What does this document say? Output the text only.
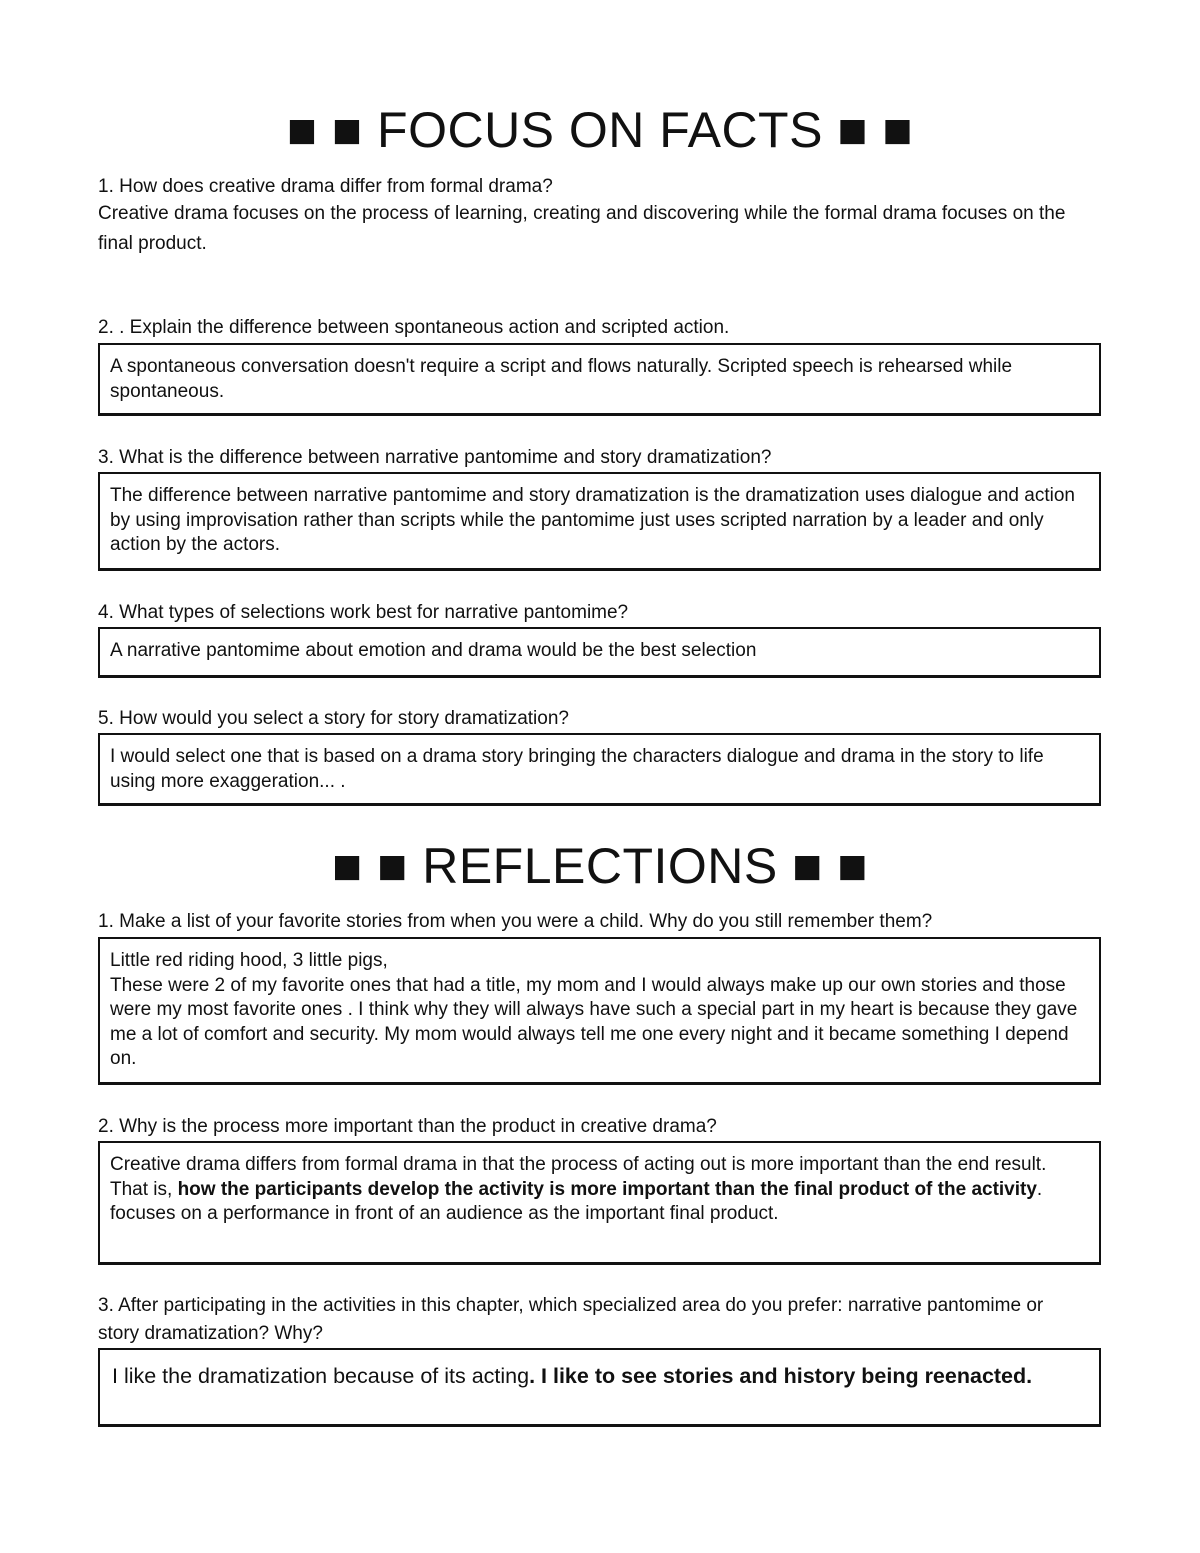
■ ■ FOCUS ON FACTS ■ ■
1. How does creative drama differ from formal drama?
Creative drama focuses on the process of learning, creating and discovering while the formal drama focuses on the final product.
2. . Explain the difference between spontaneous action and scripted action.
A spontaneous conversation doesn't require a script and flows naturally. Scripted speech is rehearsed while spontaneous.
3. What is the difference between narrative pantomime and story dramatization?
The difference between narrative pantomime and story dramatization is the dramatization uses dialogue and action by using improvisation rather than scripts while the pantomime just uses scripted narration by a leader and only action by the actors.
4. What types of selections work best for narrative pantomime?
A narrative pantomime about emotion and drama would be the best selection
5. How would you select a story for story dramatization?
I would select one that is based on a drama story bringing the characters dialogue and drama in the story to life using more exaggeration... .
■ ■ REFLECTIONS ■ ■
1. Make a list of your favorite stories from when you were a child. Why do you still remember them?
Little red riding hood, 3 little pigs,
These were 2 of my favorite ones that had a title, my mom and I would always make up our own stories and those were my most favorite ones . I think why they will always have such a special part in my heart is because they gave me a lot of comfort and security. My mom would always tell me one every night and it became something I depend on.
2. Why is the process more important than the product in creative drama?
Creative drama differs from formal drama in that the process of acting out is more important than the end result. That is, how the participants develop the activity is more important than the final product of the activity. focuses on a performance in front of an audience as the important final product.
3. After participating in the activities in this chapter, which specialized area do you prefer: narrative pantomime or story dramatization? Why?
I like the dramatization because of its acting. I like to see stories and history being reenacted.
